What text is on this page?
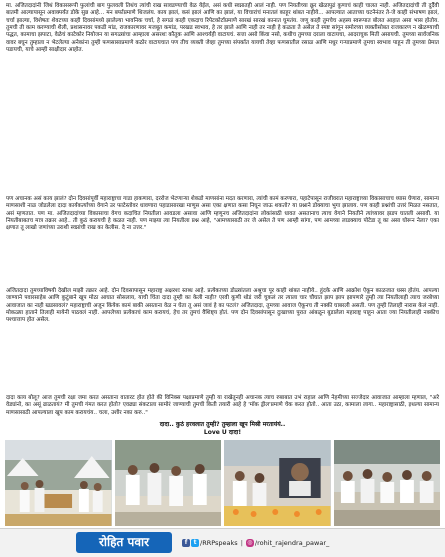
मा. अजितदादांनी जिथं विकासरूपी फुलांची बाग फुलवली तिथंच त्यांची राख सावडण्याची वेळ येईल, असं कधी स्वप्नातही आलं नाही. पण नियतीच्या क्रूर खेळापुढं कुणाचं काही चालत नाही. अजितदादांची ती दुर्दैवी बातमी आल्यापासून अवाक्पर्यंत डोके सुन्न आहे... मन बर्फाप्रमाणे थिजलंय. काय झालं, कसं झालं आणि का झालं, या विचारांचं मनातलं काहूर थांबत नाहीये... आपल्यात आताच्या घटनेनंतर ते-जे काही संभाषण झालं, चर्चा झाल्या, विशेषतः शेवटच्या काही दिवसांमध्ये झालेल्या भावनिक चर्चा, हे सगळं काही एकदाच रिपेटकोर्टाप्रमाणे सारखं सारखं कानात घुमतंय. जणू काही तुमचेच अहस्य स्वरूपात बोलत आहात असा भास होतोय. तुमची ती काम करण्याची शैली, प्रशासनावर पकडी मांड, राजकारणावर मजबूत कमांड, परखड स्वभाव, हे तर झाले आणि नाही तर नाही हे कळता ते असेल ते स्पष्ट सांगून समोरच्या व्यक्तीसोबत राजकारण न खेळण्याची पद्धत, कामाचा झपाटा, वेळेचं काटेकोर नियोजन या सगळ्यांचा आम्हाला असरशः कौतुक आणि आश्चर्यही वाटायचं. सत्ता असो किंवा नसो, कधीच तुमच्या दराला वाटायचा, आदराचुक मिती असायची. तुमच्या सार्वजनिक वावर बघून तुम्हाला न भेटलेल्या अनेकांना तुम्ही फणसासाप्रमाणे कठोर वाटायचात पण तीच व्यक्ती जेव्हा तुमच्या संपर्कात यायची तेव्हा फणसातील रसाळ आणि मधुर गऱ्याप्रमाणे तुमचा स्वभाव पाहून ती तुमच्या प्रेमात पडायची, याचे आम्ही साक्षीदार आहोत.

पण अचानक असं काय झालं? दोन दिवसांपूर्वी महाराष्ट्राचा गाडा हाकणारा, दररोज भेटणाऱ्या शेकडो माणसांना मदत करणारा, त्यांची कामं करणारा, पहाटेपासून राजीवरात महाराष्ट्राच्या विकासाचाच ध्यास घेणारा, सामान्य माणसाशी नाळ जोडलेला दादा कार्यकर्त्याच्या वेगाने उर फाटेस्तोवर धावणारा पहाडासारखा माणूस असा एका क्षणात कसा निघून जाऊ शकतो? या प्रश्नाने डोक्याचा भुगा झालाय. पण काही प्रश्नांची उत्तरं मिळत नसतात, असं म्हणतात. पण मा. अजितदादांच्या विकासाचा वेगच कदाचित नियतीला आवडला असावा आणि म्हणूनच अजितदादांना लोकांसाठी धावत असतानाच त्याच वेगाने नियतीने त्यांच्यावर झडप घातली असावी. या नियतीबाबतच मात्र तक्रार आहे.. ती कुठं करायची हे कळत नाही. पण माझ्या त्या नियतीला प्रश्न आहे, "आमच्यासाठी तर जे असेल ते पण आम्ही सांगा, पण आमच्या लाडक्याच पोटेडा तू का असा घोरून नेला? एका क्षणात तू लाखो जणांच्या उराशी स्वप्नांची राख का केलीस. दे ना उत्तर."

अजितदादा तुमच्याविषयी देखील माझी तक्रार आहे. दोन दिवसापासून महाराष्ट्र अक्षरशः स्तब्ध आहे. प्रत्येकाच्या डोळ्यांतला अश्रूचा पूर काही थांबत नाहीये.. हुंदके आणि आक्रोश ऐकून काळजात धस्स होतंय. आपल्या जाण्याने पवारसाहेब आणि कुटुंबाने खूप मोठा आघात सोसलाय, याची चिंता दादा तुम्ही का केली नाही? एरवी कुणी थोडं जरी चुकलं तर त्याला चार चौघात झाप झाप झापणारे तुम्ही त्या नियतीलाही त्याच जरबेच्या आवाजात का नाही खडसावलं? महाराष्ट्राची अजून किंयेक कामं बाकी असताना वेळ न घेता तू असं जावं हे का पटलं? अजितदादा, तुमच्या आवाज ऐकूनच ती नक्की घाबरली असती. पण तुम्ही तिलाही नारास केलं नाही. मोकळ्या हाताने तिलाही मायेनी पाठवलं नाही. आपलेच्या प्रत्येकाचं काम करायचं, हेच तर तुमचं वैशिष्ट्य होतं. पण दोन दिवसांपासून दुःखाच्या पुरात आंबळून बुडालेला महाराष्ट्र पाहून आता ज्या नियतीलाही नक्कीच पश्चात्ताप होत असेल.

दादा काय बोलू? आज तुमची रक्षा जमा करत असताना वातारट होत होते की विनिक्स पक्षाप्रमाणे तुम्ही या राखेतूनही अचानक त्याच रुबाबात उभं राहाल आणि नेहमीच्या सज्जेदार आवाजात आम्हाला म्हणाल, "अरे वेड्यांनो, का असूं ढाळतायं? मी तुमची गंमत करत होतो? एवढ्या संकटाला सामोरं जाण्याची तुमची किती तयारी आहे हे 'मॉक ड्रील'प्रमाणे चेक करत होतो.. आता उठा, कामाला लागा.. महाराष्ट्रासाठी, इथल्या सामान्य माणसासाठी आपल्याला खूप काम करायचंय.. चला, उशीर नका करु.."

दादा.. कुठं हरवलात तुम्ही? तुम्हाला खूप मिस्री मरतायंयं..

Love U दादा!

रोहित पवार	f	t /RRPspeaks | ◎ /rohit_rajendra_pawar_
